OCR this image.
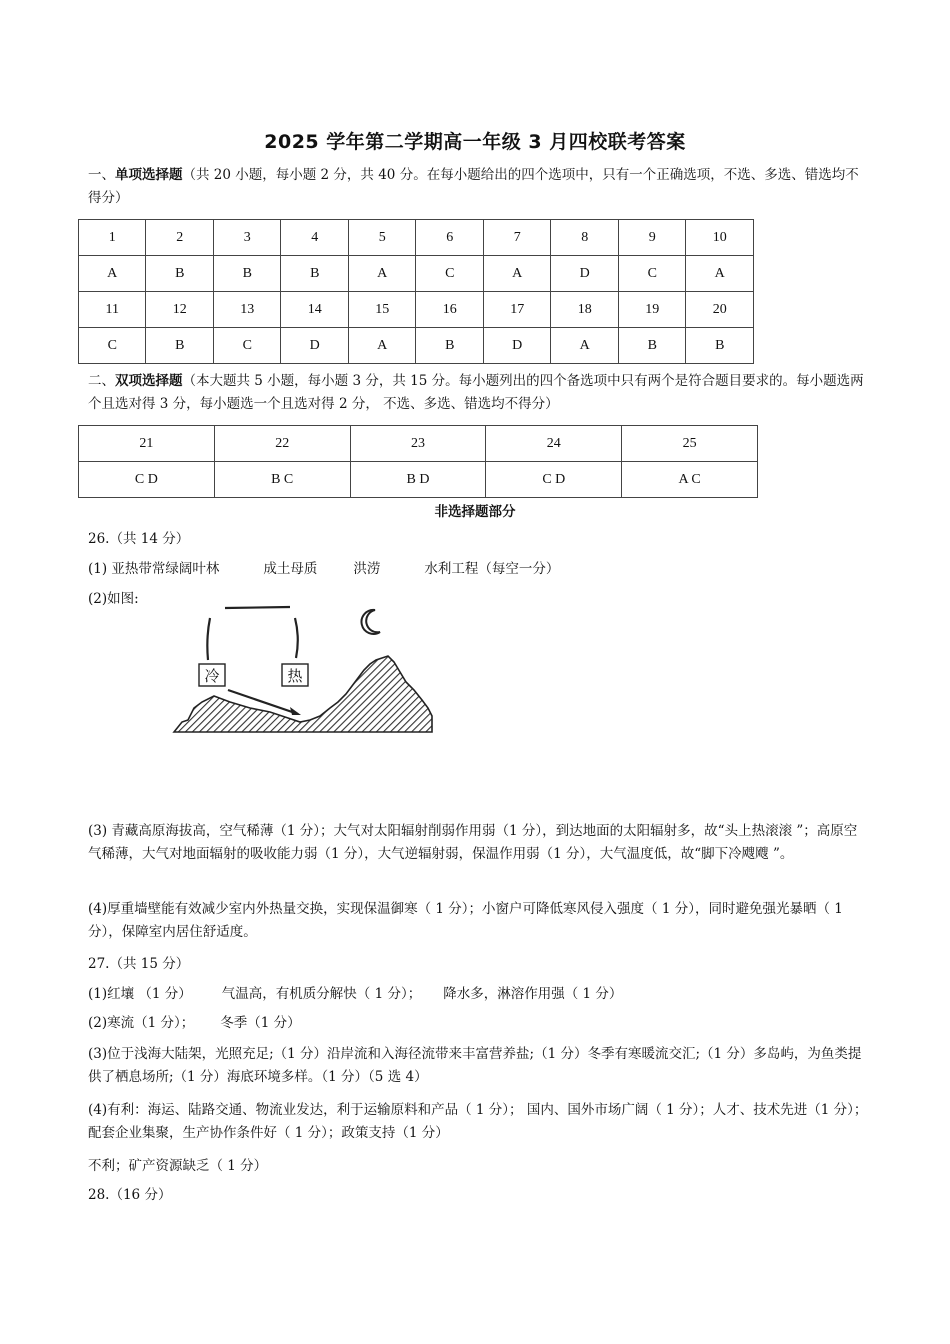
2025 学年第二学期高一年级 3 月四校联考答案
一、单项选择题（共 20 小题，每小题 2 分，共 40 分。在每小题给出的四个选项中，只有一个正确选项，不选、多选、错选均不得分）
1	2	3	4	5	6	7	8	9	10
A	B	B	B	A	C	A	D	C	A
11	12	13	14	15	16	17	18	19	20
C	B	C	D	A	B	D	A	B	B
二、双项选择题（本大题共 5 小题，每小题 3 分，共 15 分。每小题列出的四个备选项中只有两个是符合题目要求的。每小题选两个且选对得 3 分，每小题选一个且选对得 2 分， 不选、多选、错选均不得分）
21	22	23	24	25
C D	B C	B D	C D	A C
非选择题部分
26.（共 14 分）
(1) 亚热带常绿阔叶林	成土母质	洪涝	水利工程（每空一分）
(2)如图:
冷	热
(3) 青藏高原海拔高，空气稀薄（1 分）；大气对太阳辐射削弱作用弱（1 分），到达地面的太阳辐射多，故“头上热滚滚 ”；高原空气稀薄，大气对地面辐射的吸收能力弱（1 分），大气逆辐射弱，保温作用弱（1 分），大气温度低，故“脚下冷飕飕 ”。
(4)厚重墙壁能有效减少室内外热量交换，实现保温御寒（ 1 分）；小窗户可降低寒风侵入强度（ 1 分），同时避免强光暴晒（ 1 分），保障室内居住舒适度。
27.（共 15 分）
(1)红壤 （1 分） 气温高，有机质分解快（ 1 分）； 降水多，淋溶作用强（ 1 分）
(2)寒流（1 分）； 冬季（1 分）
(3)位于浅海大陆架，光照充足;（1 分）沿岸流和入海径流带来丰富营养盐;（1 分）冬季有寒暖流交汇;（1 分）多岛屿，为鱼类提供了栖息场所;（1 分）海底环境多样。（1 分）（5 选 4）
(4)有利：海运、陆路交通、物流业发达，利于运输原料和产品（ 1 分）； 国内、国外市场广阔（ 1 分）；人才、技术先进（1 分）；配套企业集聚，生产协作条件好（ 1 分）；政策支持（1 分）
不利；矿产资源缺乏（ 1 分）
28.（16 分）
